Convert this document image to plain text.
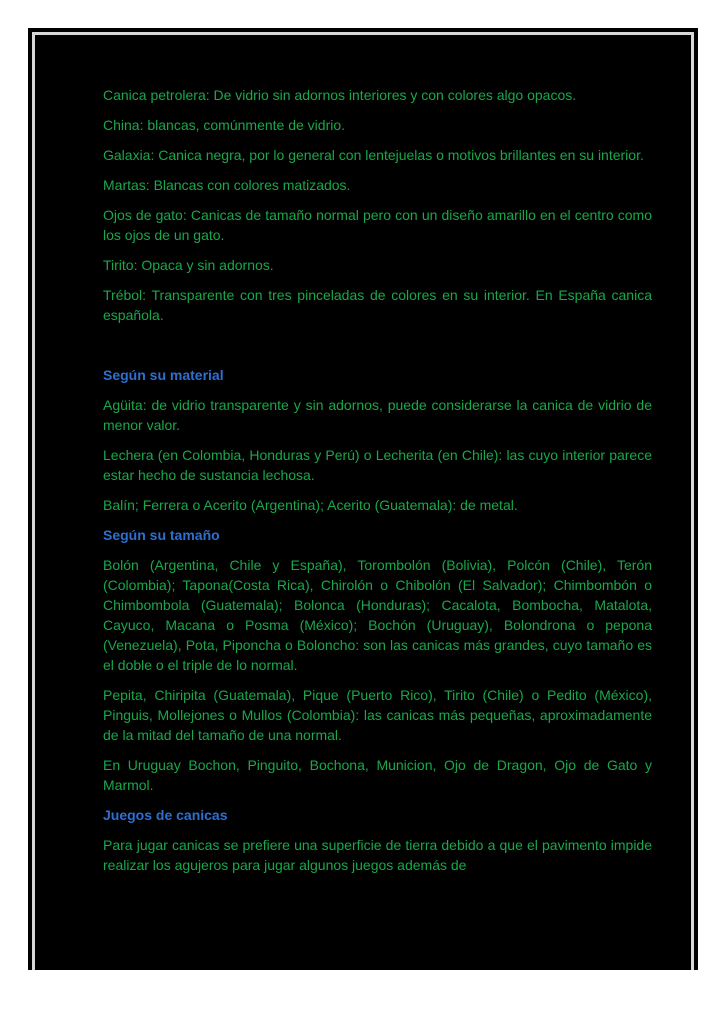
Canica petrolera: De vidrio sin adornos interiores y con colores algo opacos.

China: blancas, comúnmente de vidrio.

Galaxia: Canica negra, por lo general con lentejuelas o motivos brillantes en su interior.

Martas: Blancas con colores matizados.

Ojos de gato: Canicas de tamaño normal pero con un diseño amarillo en el centro como los ojos de un gato.

Tirito: Opaca y sin adornos.

Trébol: Transparente con tres pinceladas de colores en su interior. En España canica española.

Según su material

Agüita: de vidrio transparente y sin adornos, puede considerarse la canica de vidrio de menor valor.

Lechera (en Colombia, Honduras y Perú) o Lecherita (en Chile): las cuyo interior parece estar hecho de sustancia lechosa.

Balín; Ferrera o Acerito (Argentina); Acerito (Guatemala): de metal.

Según su tamaño

Bolón (Argentina, Chile y España), Torombolón (Bolivia), Polcón (Chile), Terón (Colombia); Tapona(Costa Rica), Chirolón o Chibolón (El Salvador); Chimbombón o Chimbombola (Guatemala); Bolonca (Honduras); Cacalota, Bombocha, Matalota, Cayuco, Macana o Posma (México); Bochón (Uruguay), Bolondrona o pepona (Venezuela), Pota, Piponcha o Boloncho: son las canicas más grandes, cuyo tamaño es el doble o el triple de lo normal.

Pepita, Chiripita (Guatemala), Pique (Puerto Rico), Tirito (Chile) o Pedito (México), Pinguis, Mollejones o Mullos (Colombia): las canicas más pequeñas, aproximadamente de la mitad del tamaño de una normal.

En Uruguay Bochon, Pinguito, Bochona, Municion, Ojo de Dragon, Ojo de Gato y Marmol.

Juegos de canicas

Para jugar canicas se prefiere una superficie de tierra debido a que el pavimento impide realizar los agujeros para jugar algunos juegos además de
